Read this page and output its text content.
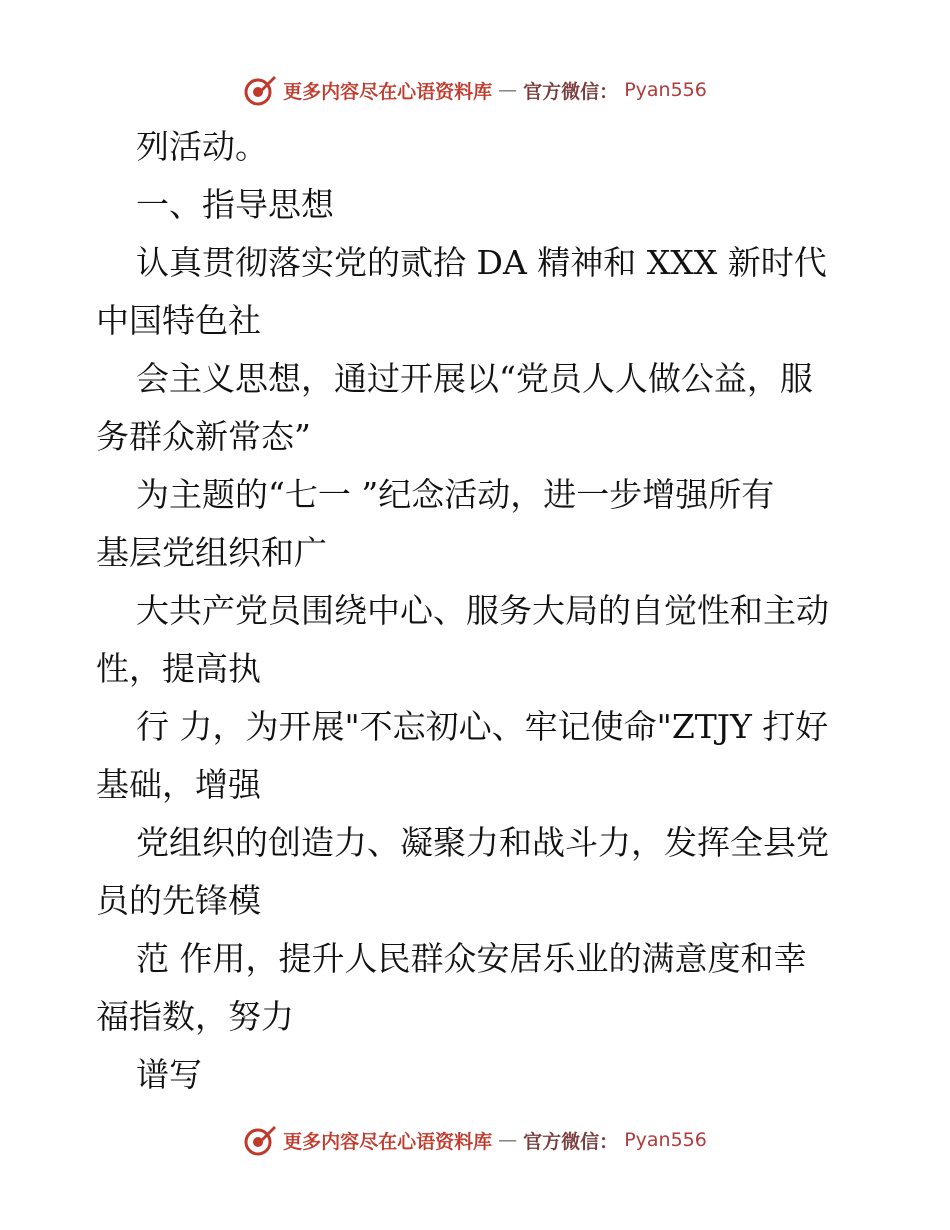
更多内容尽在心语资料库 — 官方微信： Pyan556
列活动。
一、指导思想
认真贯彻落实党的贰拾 DA 精神和 XXX 新时代
中国特色社
会主义思想，通过开展以“党员人人做公益，服
务群众新常态”
为主题的“七一 ”纪念活动，进一步增强所有
基层党组织和广
大共产党员围绕中心、服务大局的自觉性和主动
性，提高执
行 力，为开展"不忘初心、牢记使命"ZTJY 打好
基础，增强
党组织的创造力、凝聚力和战斗力，发挥全县党
员的先锋模
范 作用，提升人民群众安居乐业的满意度和幸
福指数，努力
谱写
更多内容尽在心语资料库 — 官方微信： Pyan556
